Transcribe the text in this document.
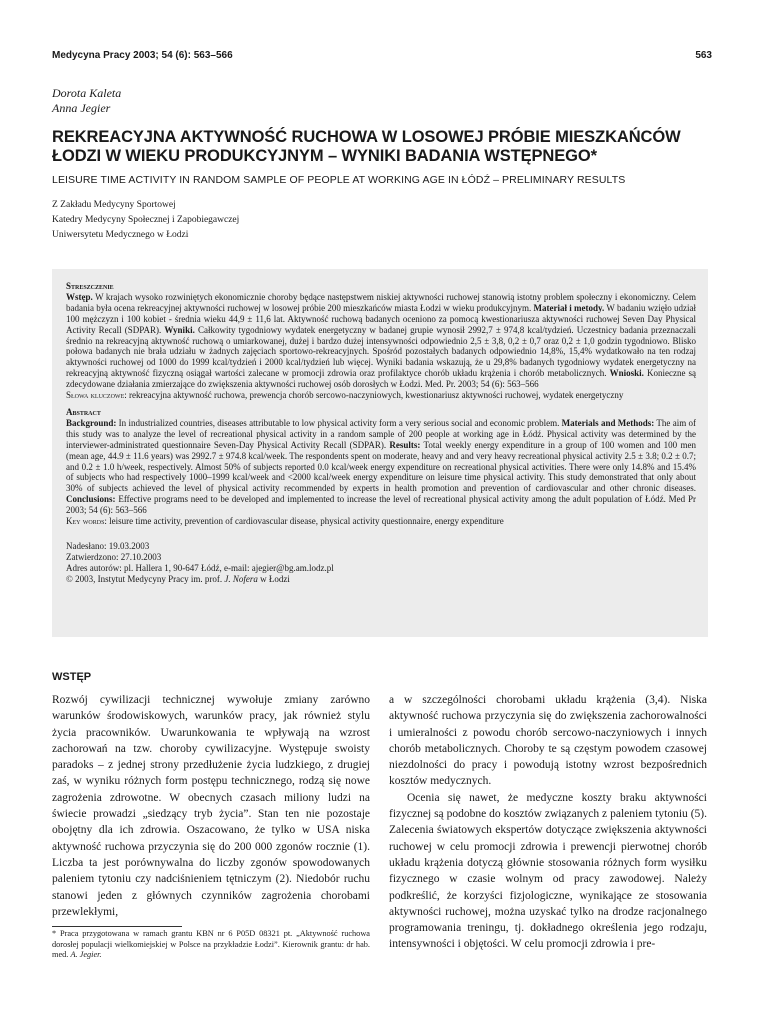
Medycyna Pracy 2003; 54 (6): 563–566	563
Dorota Kaleta
Anna Jegier
REKREACYJNA AKTYWNOŚĆ RUCHOWA W LOSOWEJ PRÓBIE MIESZKAŃCÓW ŁODZI W WIEKU PRODUKCYJNYM – WYNIKI BADANIA WSTĘPNEGO*
LEISURE TIME ACTIVITY IN RANDOM SAMPLE OF PEOPLE AT WORKING AGE IN ŁÓDŹ – PRELIMINARY RESULTS
Z Zakładu Medycyny Sportowej
Katedry Medycyny Społecznej i Zapobiegawczej
Uniwersytetu Medycznego w Łodzi

Streszczenie

Wstęp. W krajach wysoko rozwiniętych ekonomicznie choroby będące następstwem niskiej aktywności ruchowej stanowią istotny problem społeczny i ekonomiczny. Celem badania była ocena rekreacyjnej aktywności ruchowej w losowej próbie 200 mieszkańców miasta Łodzi w wieku produkcyjnym. Materiał i metody. W badaniu wzięło udział 100 mężczyzn i 100 kobiet - średnia wieku 44,9 ± 11,6 lat. Aktywność ruchową badanych oceniono za pomocą kwestionariusza aktywności ruchowej Seven Day Physical Activity Recall (SDPAR). Wyniki. Całkowity tygodniowy wydatek energetyczny w badanej grupie wynosił 2992,7 ± 974,8 kcal/tydzień. Uczestnicy badania przeznaczali średnio na rekreacyjną aktywność ruchową o umiarkowanej, dużej i bardzo dużej intensywności odpowiednio 2,5 ± 3,8, 0,2 ± 0,7 oraz 0,2 ± 1,0 godzin tygodniowo. Blisko połowa badanych nie brała udziału w żadnych zajęciach sportowo-rekreacyjnych. Spośród pozostałych badanych odpowiednio 14,8%, 15,4% wydatkowało na ten rodzaj aktywności ruchowej od 1000 do 1999 kcal/tydzień i 2000 kcal/tydzień lub więcej. Wyniki badania wskazują, że u 29,8% badanych tygodniowy wydatek energetyczny na rekreacyjną aktywność fizyczną osiągał wartości zalecane w promocji zdrowia oraz profilaktyce chorób układu krążenia i chorób metabolicznych. Wnioski. Konieczne są zdecydowane działania zmierzające do zwiększenia aktywności ruchowej osób dorosłych w Łodzi. Med. Pr. 2003; 54 (6): 563–566

Słowa kluczowe: rekreacyjna aktywność ruchowa, prewencja chorób sercowo-naczyniowych, kwestionariusz aktywności ruchowej, wydatek energetyczny

Abstract

Background: In industrialized countries, diseases attributable to low physical activity form a very serious social and economic problem. Materials and Methods: The aim of this study was to analyze the level of recreational physical activity in a random sample of 200 people at working age in Łódź. Physical activity was determined by the interviewer-administrated questionnaire Seven-Day Physical Activity Recall (SDPAR). Results: Total weekly energy expenditure in a group of 100 women and 100 men (mean age, 44.9 ± 11.6 years) was 2992.7 ± 974.8 kcal/week. The respondents spent on moderate, heavy and and very heavy recreational physical activity 2.5 ± 3.8; 0.2 ± 0.7; and 0.2 ± 1.0 h/week, respectively. Almost 50% of subjects reported 0.0 kcal/week energy expenditure on recreational physical activities. There were only 14.8% and 15.4% of subjects who had respectively 1000–1999 kcal/week and <2000 kcal/week energy expenditure on leisure time physical activity. This study demonstrated that only about 30% of subjects achieved the level of physical activity recommended by experts in health promotion and prevention of cardiovascular and other chronic diseases. Conclusions: Effective programs need to be developed and implemented to increase the level of recreational physical activity among the adult population of Łódź. Med Pr 2003; 54 (6): 563–566

Key words: leisure time activity, prevention of cardiovascular disease, physical activity questionnaire, energy expenditure

Nadesłano: 19.03.2003

Zatwierdzono: 27.10.2003

Adres autorów: pl. Hallera 1, 90-647 Łódź, e-mail: ajegier@bg.am.lodz.pl

© 2003, Instytut Medycyny Pracy im. prof. J. Nofera w Łodzi

WSTĘP

Rozwój cywilizacji technicznej wywołuje zmiany zarówno warunków środowiskowych, warunków pracy, jak również stylu życia pracowników. Uwarunkowania te wpływają na wzrost zachorowań na tzw. choroby cywilizacyjne. Występuje swoisty paradoks – z jednej strony przedłużenie życia ludzkiego, z drugiej zaś, w wyniku różnych form postępu technicznego, rodzą się nowe zagrożenia zdrowotne. W obecnych czasach miliony ludzi na świecie prowadzi „siedzący tryb życia”. Stan ten nie pozostaje obojętny dla ich zdrowia. Oszacowano, że tylko w USA niska aktywność ruchowa przyczynia się do 200 000 zgonów rocznie (1). Liczba ta jest porównywalna do liczby zgonów spowodowanych paleniem tytoniu czy nadciśnieniem tętniczym (2). Niedobór ruchu stanowi jeden z głównych czynników zagrożenia chorobami przewlekłymi,

a w szczególności chorobami układu krążenia (3,4). Niska aktywność ruchowa przyczynia się do zwiększenia zachorowalności i umieralności z powodu chorób sercowo-naczyniowych i innych chorób metabolicznych. Choroby te są częstym powodem czasowej niezdolności do pracy i powodują istotny wzrost bezpośrednich kosztów medycznych.

Ocenia się nawet, że medyczne koszty braku aktywności fizycznej są podobne do kosztów związanych z paleniem tytoniu (5). Zalecenia światowych ekspertów dotyczące zwiększenia aktywności ruchowej w celu promocji zdrowia i prewencji pierwotnej chorób układu krążenia dotyczą głównie stosowania różnych form wysiłku fizycznego w czasie wolnym od pracy zawodowej. Należy podkreślić, że korzyści fizjologiczne, wynikające ze stosowania aktywności ruchowej, można uzyskać tylko na drodze racjonalnego programowania treningu, tj. dokładnego określenia jego rodzaju, intensywności i objętości. W celu promocji zdrowia i pre-

* Praca przygotowana w ramach grantu KBN nr 6 P05D 08321 pt. „Aktywność ruchowa dorosłej populacji wielkomiejskiej w Polsce na przykładzie Łodzi”. Kierownik grantu: dr hab. med. A. Jegier.
